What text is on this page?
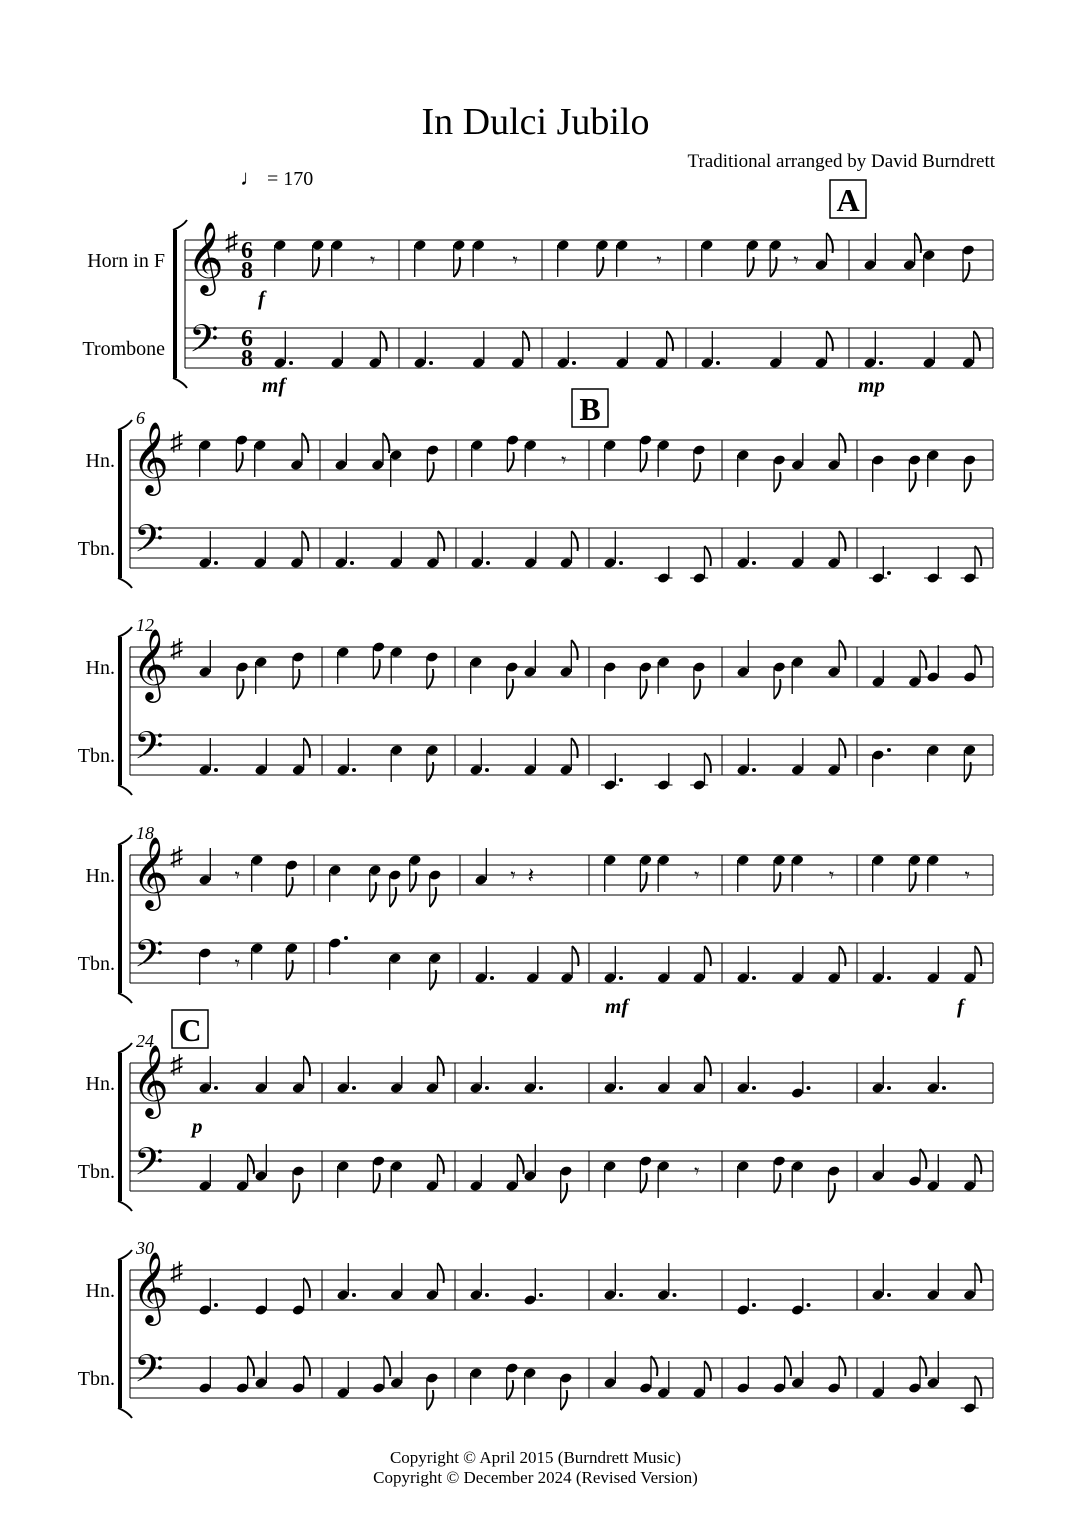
In Dulci Jubilo
Traditional arranged by David Burndrett
♩ = 170
Horn in F
Trombone
𝄞
𝄢
♯ 6
6
8
8
𝄾	𝄾	𝄾	𝄾
Hn.
Tbn.
6
𝄞
𝄢
♯
𝄾
Hn.
Tbn.
12
𝄞
𝄢
♯
Hn.
Tbn.
18
𝄞
𝄢
♯
𝄾
𝄾
𝄾 𝄽	𝄾	𝄾	𝄾
Hn.
Tbn.
24
𝄞
𝄢
♯
𝄾
Hn.
Tbn.
30
𝄞
𝄢
♯
A
B
C
f
mf	mp
mf	f
p
Copyright © April 2015 (Burndrett Music)
Copyright © December 2024 (Revised Version)
